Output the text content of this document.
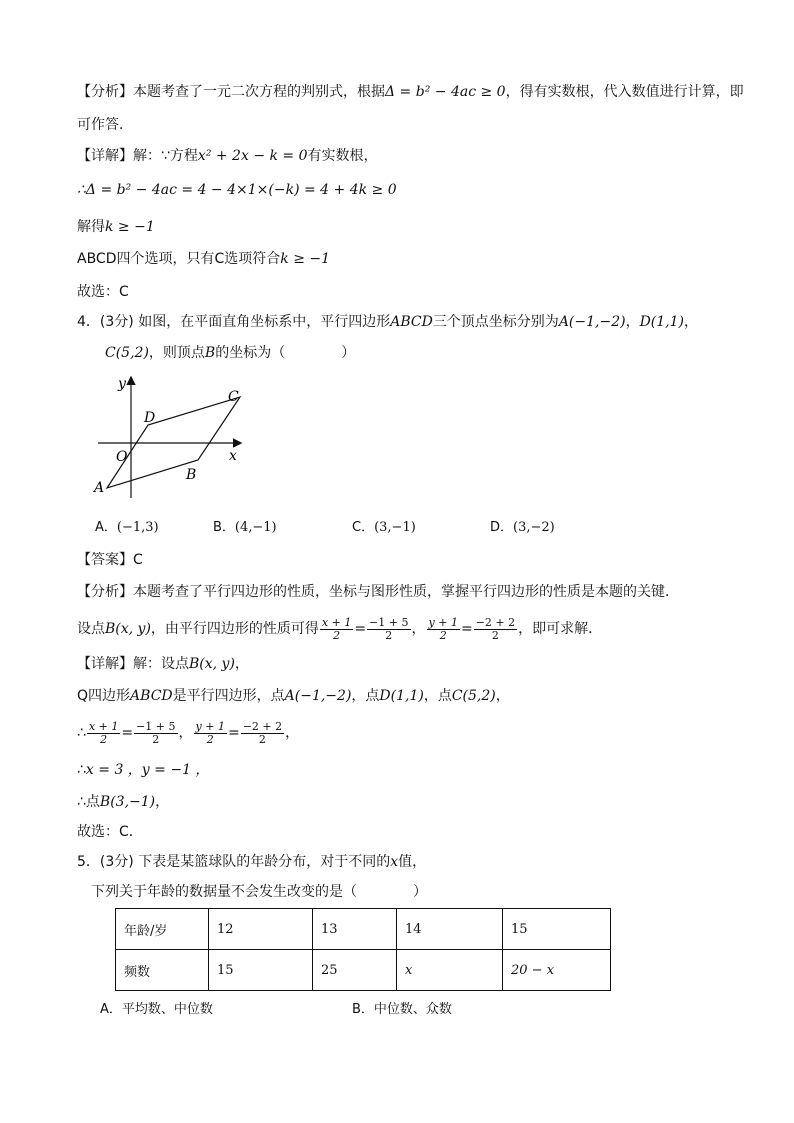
【分析】本题考查了一元二次方程的判别式，根据Δ = b² − 4ac ≥ 0，得有实数根，代入数值进行计算，即
可作答．
【详解】解：∵方程x² + 2x − k = 0有实数根，
∴Δ = b² − 4ac = 4 − 4×1×(−k) = 4 + 4k ≥ 0
解得k ≥ −1
ABCD四个选项，只有C选项符合k ≥ −1
故选：C
4．(3分) 如图，在平面直角坐标系中，平行四边形ABCD三个顶点坐标分别为A(−1,−2)，D(1,1)，
C(5,2)，则顶点B的坐标为（　　　　）
y
x
O
A
B
C
D
A．(−1,3)	B．(4,−1)	C．(3,−1)	D．(3,−2)
【答案】C
【分析】本题考查了平行四边形的性质，坐标与图形性质，掌握平行四边形的性质是本题的关键．
设点B(x, y)，由平行四边形的性质可得 $\frac{x + 1}{2} = \frac{-1 + 5}{2}$ ， $\frac{y + 1}{2} = \frac{-2 + 2}{2}$ ，即可求解．
【详解】解：设点B(x, y)，
Q四边形ABCD是平行四边形，点A(−1,−2)，点D(1,1)，点C(5,2)，
∴ $\frac{x + 1}{2} = \frac{-1 + 5}{2}$ ， $\frac{y + 1}{2} = \frac{-2 + 2}{2}$ ，
∴x = 3 ，y = −1 ，
∴点B(3,−1)，
故选：C．
5．(3分) 下表是某篮球队的年龄分布，对于不同的x值，
下列关于年龄的数据量不会发生改变的是（　　　　）
年龄/岁	12	13	14	15
频数	15	25	x	20 − x
A．平均数、中位数	B．中位数、众数
